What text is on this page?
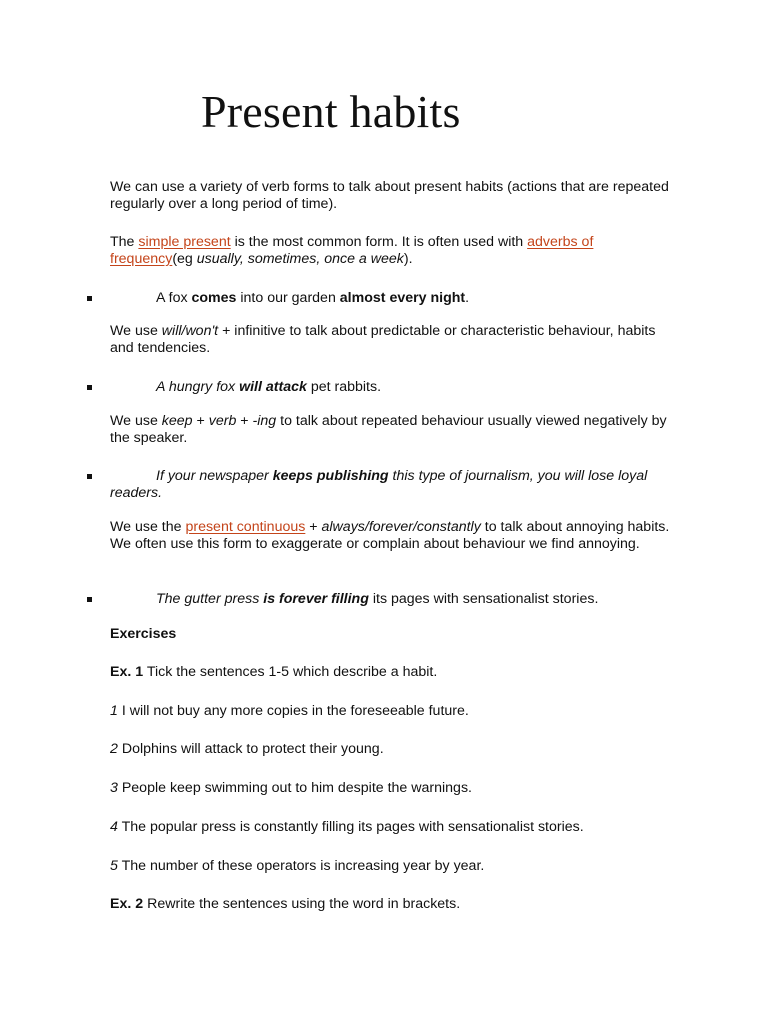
Present habits

We can use a variety of verb forms to talk about present habits (actions that are repeated regularly over a long period of time).

The simple present is the most common form. It is often used with adverbs of frequency(eg usually, sometimes, once a week).

A fox comes into our garden almost every night.

We use will/won't + infinitive to talk about predictable or characteristic behaviour, habits and tendencies.

A hungry fox will attack pet rabbits.

We use keep + verb + -ing to talk about repeated behaviour usually viewed negatively by the speaker.

If your newspaper keeps publishing this type of journalism, you will lose loyal readers.

We use the present continuous + always/forever/constantly to talk about annoying habits. We often use this form to exaggerate or complain about behaviour we find annoying.

The gutter press is forever filling its pages with sensationalist stories.

Exercises

Ex. 1 Tick the sentences 1-5 which describe a habit.

1 I will not buy any more copies in the foreseeable future.

2 Dolphins will attack to protect their young.

3 People keep swimming out to him despite the warnings.

4 The popular press is constantly filling its pages with sensationalist stories.

5 The number of these operators is increasing year by year.

Ex. 2 Rewrite the sentences using the word in brackets.
